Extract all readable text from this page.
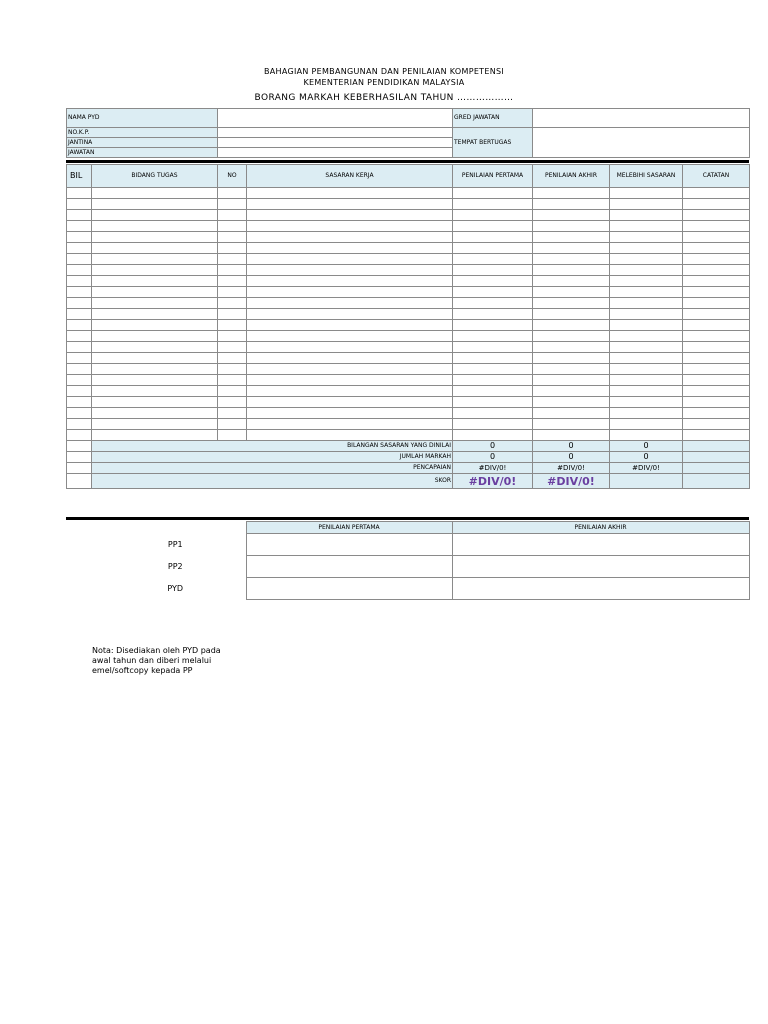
BAHAGIAN PEMBANGUNAN DAN PENILAIAN KOMPETENSI
KEMENTERIAN PENDIDIKAN MALAYSIA
BORANG MARKAH KEBERHASILAN TAHUN ………………
NAMA PYD		GRED JAWATAN	
NO.K.P.		TEMPAT BERTUGAS	
JANTINA			
JAWATAN			
BIL	BIDANG TUGAS	NO	SASARAN KERJA	PENILAIAN PERTAMA	PENILAIAN AKHIR	MELEBIHI SASARAN	CATATAN

	BILANGAN SASARAN YANG DINILAI			0	0	0	
	JUMLAH MARKAH			0	0	0	
	PENCAPAIAN			#DIV/0!	#DIV/0!	#DIV/0!	
	SKOR			#DIV/0!	#DIV/0!		
	PENILAIAN PERTAMA	PENILAIAN AKHIR
PP1		
PP2		
PYD		
Nota: Disediakan oleh PYD pada awal tahun dan diberi melalui emel/softcopy kepada PP
